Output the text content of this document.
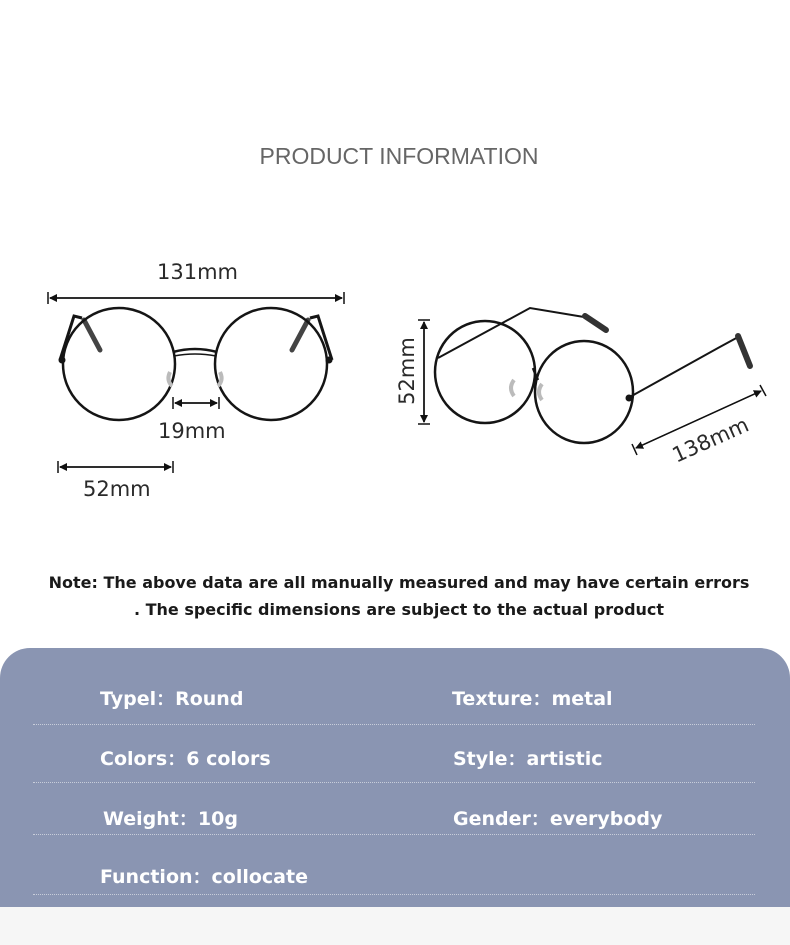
PRODUCT INFORMATION
131mm
19mm
52mm
52mm
138mm
Note: The above data are all manually measured and may have certain errors
. The specific dimensions are subject to the actual product
Typel：Round	Texture：metal
Colors：6 colors	Style：artistic
Weight：10g	Gender：everybody
Function：collocate
